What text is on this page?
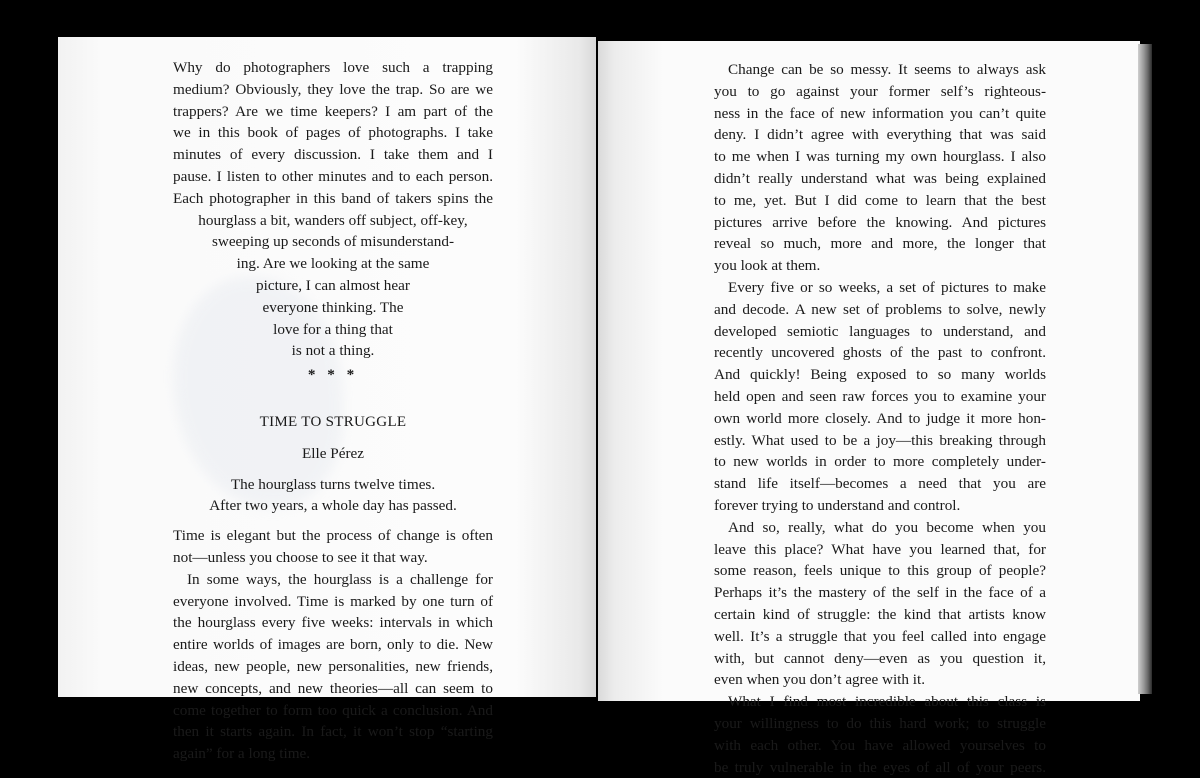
Why do photographers love such a trapping
medium? Obviously, they love the trap. So are we
trappers? Are we time keepers? I am part of the
we in this book of pages of photographs. I take
minutes of every discussion. I take them and I
pause. I listen to other minutes and to each person.
Each photographer in this band of takers spins the
hourglass a bit, wanders off subject, off-key,
sweeping up seconds of misunderstand-
ing. Are we looking at the same
picture, I can almost hear
everyone thinking. The
love for a thing that
is not a thing.
* * *
TIME TO STRUGGLE
Elle Pérez
The hourglass turns twelve times.
After two years, a whole day has passed.
Time is elegant but the process of change is often
not—unless you choose to see it that way.
In some ways, the hourglass is a challenge for
everyone involved. Time is marked by one turn of
the hourglass every five weeks: intervals in which
entire worlds of images are born, only to die. New
ideas, new people, new personalities, new friends,
new concepts, and new theories—all can seem to
come together to form too quick a conclusion. And
then it starts again. In fact, it won’t stop “starting
again” for a long time.
Change can be so messy. It seems to always ask
you to go against your former self’s righteous-
ness in the face of new information you can’t quite
deny. I didn’t agree with everything that was said
to me when I was turning my own hourglass. I also
didn’t really understand what was being explained
to me, yet. But I did come to learn that the best
pictures arrive before the knowing. And pictures
reveal so much, more and more, the longer that
you look at them.
Every five or so weeks, a set of pictures to make
and decode. A new set of problems to solve, newly
developed semiotic languages to understand, and
recently uncovered ghosts of the past to confront.
And quickly! Being exposed to so many worlds
held open and seen raw forces you to examine your
own world more closely. And to judge it more hon-
estly. What used to be a joy—this breaking through
to new worlds in order to more completely under-
stand life itself—becomes a need that you are
forever trying to understand and control.
And so, really, what do you become when you
leave this place? What have you learned that, for
some reason, feels unique to this group of people?
Perhaps it’s the mastery of the self in the face of a
certain kind of struggle: the kind that artists know
well. It’s a struggle that you feel called into engage
with, but cannot deny—even as you question it,
even when you don’t agree with it.
What I find most incredible about this class is
your willingness to do this hard work; to struggle
with each other. You have allowed yourselves to
be truly vulnerable in the eyes of all of your peers.
